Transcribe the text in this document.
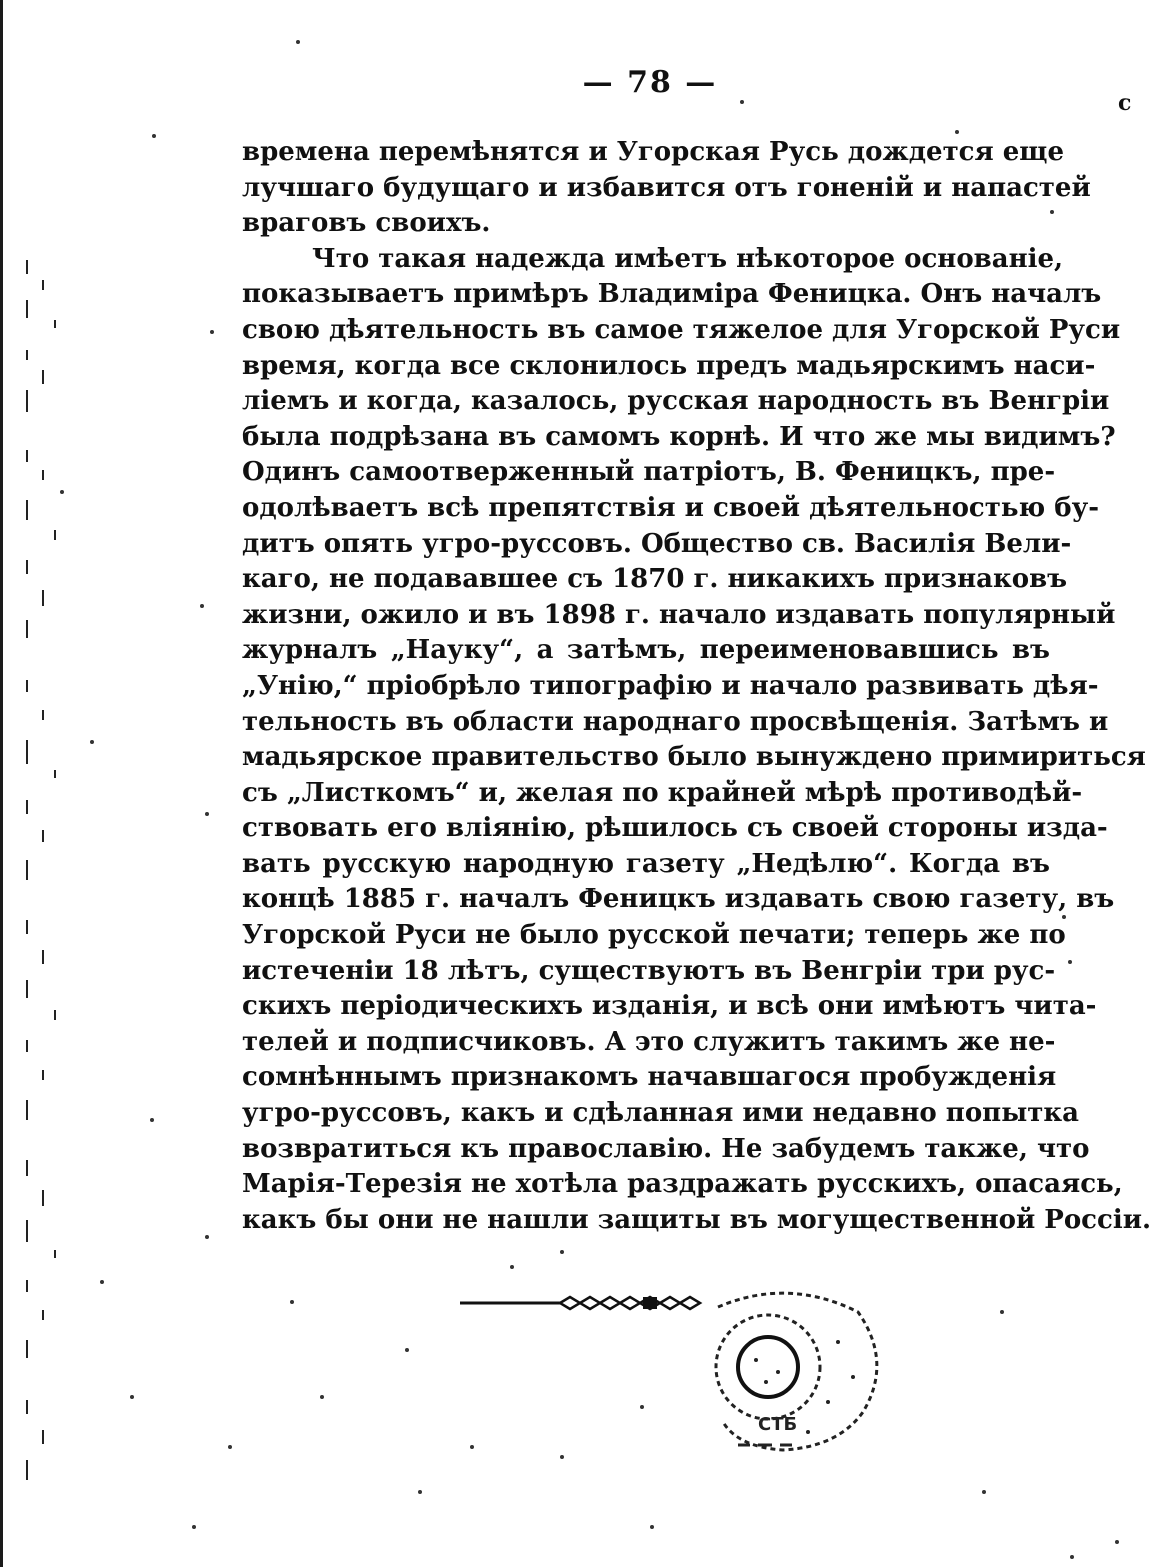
— 78 —
с
времена перемѣнятся и Угорская Русь дождется еще
лучшаго будущаго и избавится отъ гоненій и напастей
враговъ своихъ.
Что такая надежда имѣетъ нѣкоторое основаніе,
показываетъ примѣръ Владиміра Феницка. Онъ началъ
свою дѣятельность въ самое тяжелое для Угорской Руси
время, когда все склонилось предъ мадьярскимъ наси-
ліемъ и когда, казалось, русская народность въ Венгріи
была подрѣзана въ самомъ корнѣ. И что же мы видимъ?
Одинъ самоотверженный патріотъ, В. Феницкъ, пре-
одолѣваетъ всѣ препятствія и своей дѣятельностью бу-
дитъ опять угро-руссовъ. Общество св. Василія Вели-
каго, не подававшее съ 1870 г. никакихъ признаковъ
жизни, ожило и въ 1898 г. начало издавать популярный
журналъ „Науку“, а затѣмъ, переименовавшись въ
„Унію,“ пріобрѣло типографію и начало развивать дѣя-
тельность въ области народнаго просвѣщенія. Затѣмъ и
мадьярское правительство было вынуждено примириться
съ „Листкомъ“ и, желая по крайней мѣрѣ противодѣй-
ствовать его вліянію, рѣшилось съ своей стороны изда-
вать русскую народную газету „Недѣлю“. Когда въ
концѣ 1885 г. началъ Феницкъ издавать свою газету, въ
Угорской Руси не было русской печати; теперь же по
истеченіи 18 лѣтъ, существуютъ въ Венгріи три рус-
скихъ періодическихъ изданія, и всѣ они имѣютъ чита-
телей и подписчиковъ. А это служитъ такимъ же не-
сомнѣннымъ признакомъ начавшагося пробужденія
угро-руссовъ, какъ и сдѣланная ими недавно попытка
возвратиться къ православію. Не забудемъ также, что
Марія-Терезія не хотѣла раздражать русскихъ, опасаясь,
какъ бы они не нашли защиты въ могущественной Россіи.
СТБ
